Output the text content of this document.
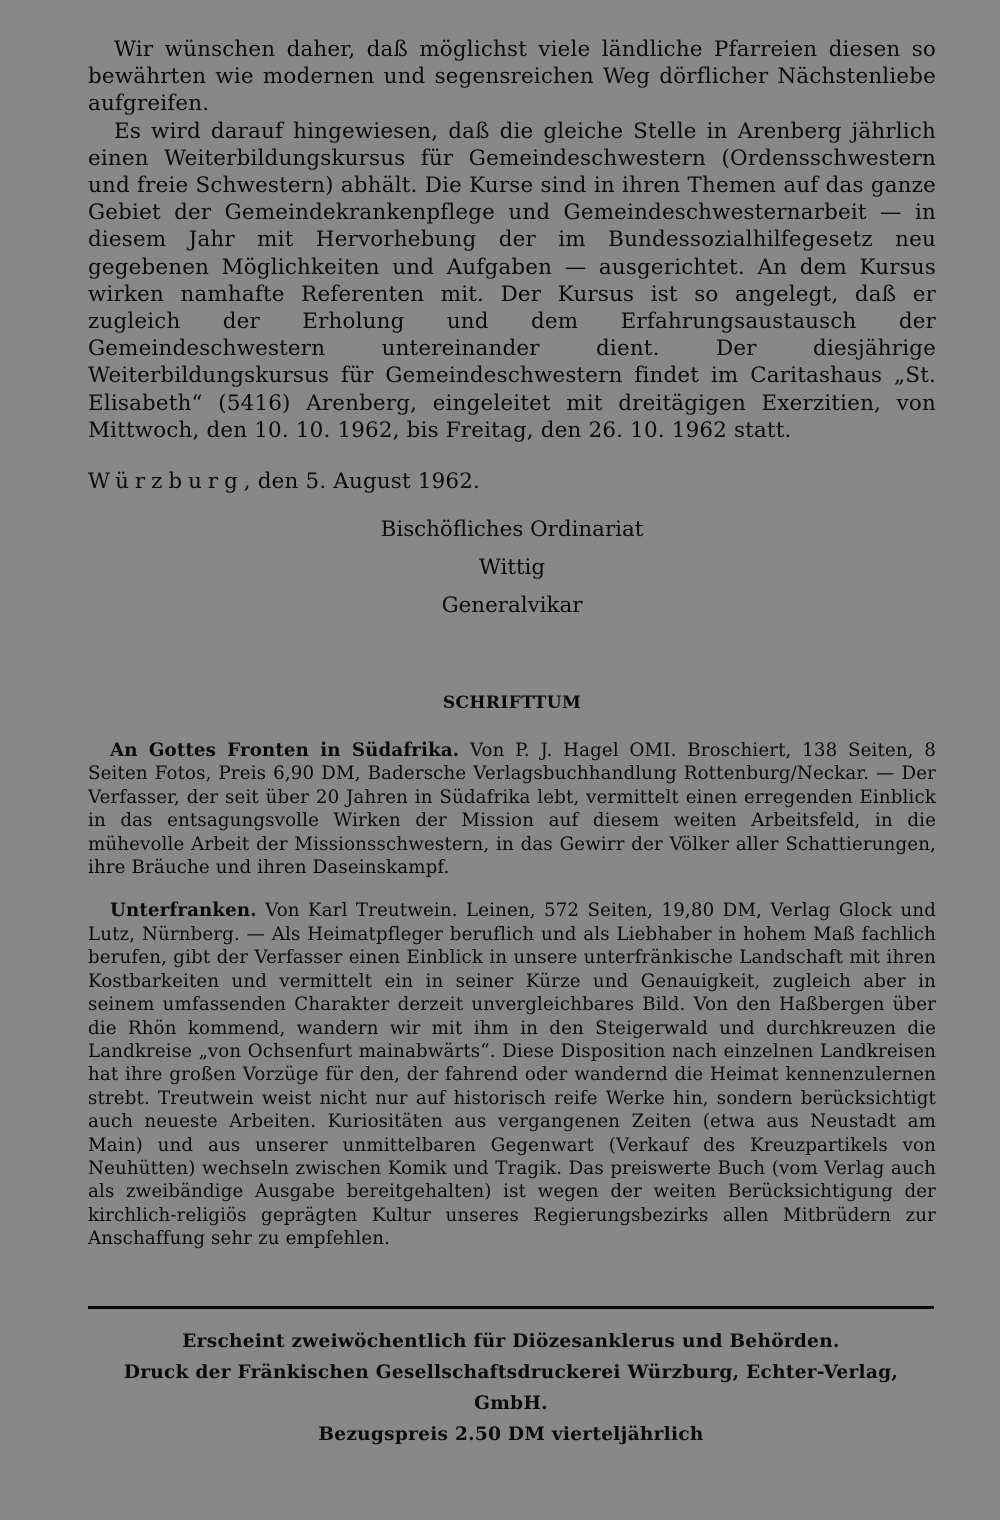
Wir wünschen daher, daß möglichst viele ländliche Pfarreien diesen so bewährten wie modernen und segensreichen Weg dörflicher Nächstenliebe aufgreifen.

Es wird darauf hingewiesen, daß die gleiche Stelle in Arenberg jährlich einen Weiterbildungskursus für Gemeindeschwestern (Ordensschwestern und freie Schwestern) abhält. Die Kurse sind in ihren Themen auf das ganze Gebiet der Gemeindekrankenpflege und Gemeindeschwesternarbeit — in diesem Jahr mit Hervorhebung der im Bundessozialhilfegesetz neu gegebenen Möglichkeiten und Aufgaben — ausgerichtet. An dem Kursus wirken namhafte Referenten mit. Der Kursus ist so angelegt, daß er zugleich der Erholung und dem Erfahrungsaustausch der Gemeindeschwestern untereinander dient. Der diesjährige Weiterbildungskursus für Gemeindeschwestern findet im Caritashaus „St. Elisabeth“ (5416) Arenberg, eingeleitet mit dreitägigen Exerzitien, von Mittwoch, den 10. 10. 1962, bis Freitag, den 26. 10. 1962 statt.

Würzburg, den 5. August 1962.

Bischöfliches Ordinariat
Wittig
Generalvikar
SCHRIFTTUM

An Gottes Fronten in Südafrika. Von P. J. Hagel OMI. Broschiert, 138 Seiten, 8 Seiten Fotos, Preis 6,90 DM, Badersche Verlagsbuchhandlung Rottenburg/Neckar. — Der Verfasser, der seit über 20 Jahren in Südafrika lebt, vermittelt einen erregenden Einblick in das entsagungsvolle Wirken der Mission auf diesem weiten Arbeitsfeld, in die mühevolle Arbeit der Missionsschwestern, in das Gewirr der Völker aller Schattierungen, ihre Bräuche und ihren Daseinskampf.

Unterfranken. Von Karl Treutwein. Leinen, 572 Seiten, 19,80 DM, Verlag Glock und Lutz, Nürnberg. — Als Heimatpfleger beruflich und als Liebhaber in hohem Maß fachlich berufen, gibt der Verfasser einen Einblick in unsere unterfränkische Landschaft mit ihren Kostbarkeiten und vermittelt ein in seiner Kürze und Genauigkeit, zugleich aber in seinem umfassenden Charakter derzeit unvergleichbares Bild. Von den Haßbergen über die Rhön kommend, wandern wir mit ihm in den Steigerwald und durchkreuzen die Landkreise „von Ochsenfurt mainabwärts“. Diese Disposition nach einzelnen Landkreisen hat ihre großen Vorzüge für den, der fahrend oder wandernd die Heimat kennenzulernen strebt. Treutwein weist nicht nur auf historisch reife Werke hin, sondern berücksichtigt auch neueste Arbeiten. Kuriositäten aus vergangenen Zeiten (etwa aus Neustadt am Main) und aus unserer unmittelbaren Gegenwart (Verkauf des Kreuzpartikels von Neuhütten) wechseln zwischen Komik und Tragik. Das preiswerte Buch (vom Verlag auch als zweibändige Ausgabe bereitgehalten) ist wegen der weiten Berücksichtigung der kirchlich-religiös geprägten Kultur unseres Regierungsbezirks allen Mitbrüdern zur Anschaffung sehr zu empfehlen.

Erscheint zweiwöchentlich für Diözesanklerus und Behörden.
Druck der Fränkischen Gesellschaftsdruckerei Würzburg, Echter-Verlag, GmbH.
Bezugspreis 2.50 DM vierteljährlich
